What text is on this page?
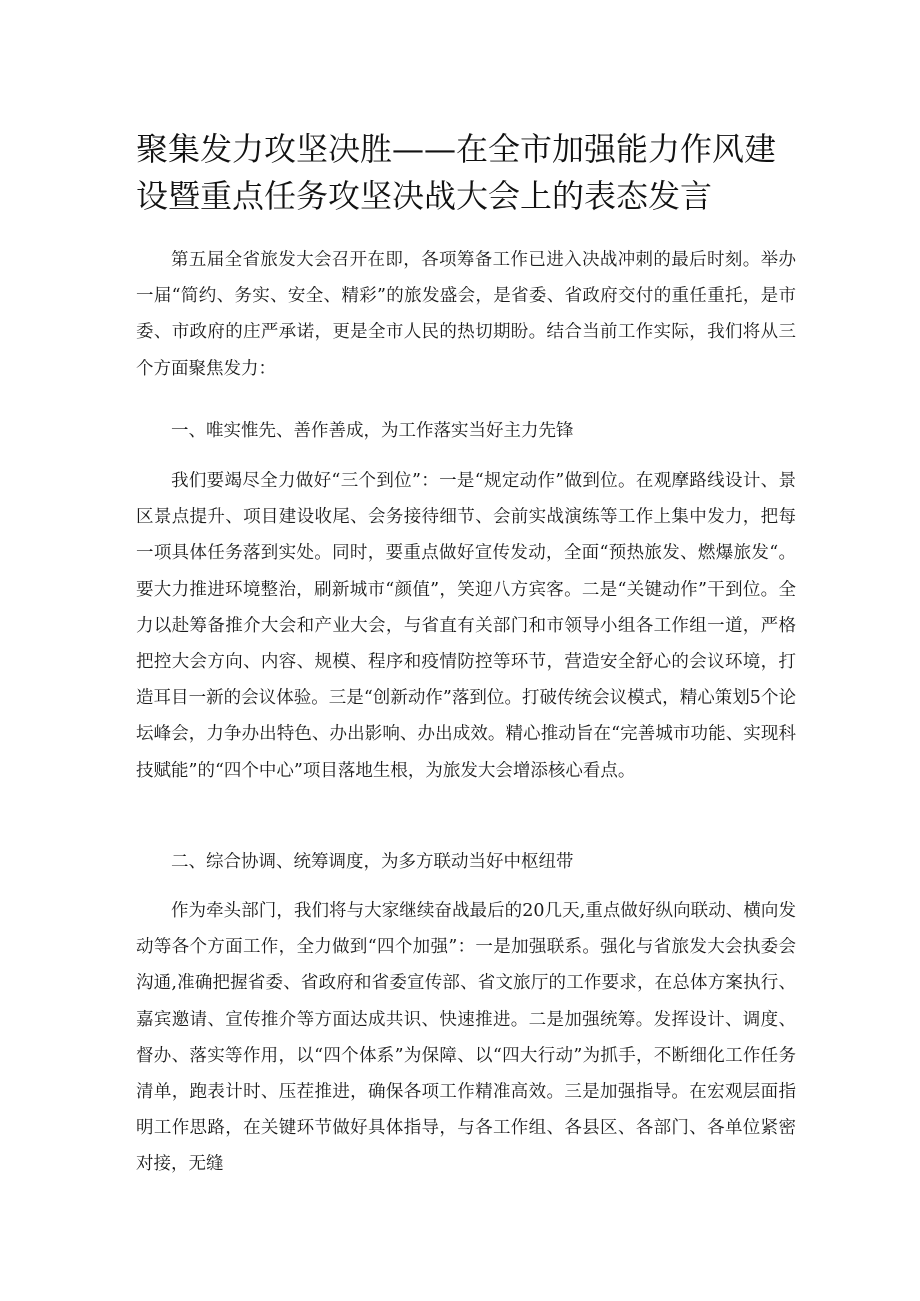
聚集发力攻坚决胜——在全市加强能力作风建设暨重点任务攻坚决战大会上的表态发言

第五届全省旅发大会召开在即，各项筹备工作已进入决战冲刺的最后时刻。举办一届“简约、务实、安全、精彩”的旅发盛会，是省委、省政府交付的重任重托，是市委、市政府的庄严承诺，更是全市人民的热切期盼。结合当前工作实际，我们将从三个方面聚焦发力：

一、唯实惟先、善作善成，为工作落实当好主力先锋

我们要竭尽全力做好“三个到位”：一是“规定动作”做到位。在观摩路线设计、景区景点提升、项目建设收尾、会务接待细节、会前实战演练等工作上集中发力，把每一项具体任务落到实处。同时，要重点做好宣传发动，全面“预热旅发、燃爆旅发“。要大力推进环境整治，刷新城市“颜值”，笑迎八方宾客。二是“关键动作”干到位。全力以赴筹备推介大会和产业大会，与省直有关部门和市领导小组各工作组一道，严格把控大会方向、内容、规模、程序和疫情防控等环节，营造安全舒心的会议环境，打造耳目一新的会议体验。三是“创新动作”落到位。打破传统会议模式，精心策划5个论坛峰会，力争办出特色、办出影响、办出成效。精心推动旨在“完善城市功能、实现科技赋能”的“四个中心”项目落地生根，为旅发大会增添核心看点。

二、综合协调、统筹调度，为多方联动当好中枢纽带

作为牵头部门，我们将与大家继续奋战最后的20几天,重点做好纵向联动、横向发动等各个方面工作，全力做到“四个加强”：一是加强联系。强化与省旅发大会执委会沟通,准确把握省委、省政府和省委宣传部、省文旅厅的工作要求，在总体方案执行、嘉宾邀请、宣传推介等方面达成共识、快速推进。二是加强统筹。发挥设计、调度、督办、落实等作用，以“四个体系”为保障、以“四大行动”为抓手，不断细化工作任务清单，跑表计时、压茬推进，确保各项工作精准高效。三是加强指导。在宏观层面指明工作思路，在关键环节做好具体指导，与各工作组、各县区、各部门、各单位紧密对接，无缝
